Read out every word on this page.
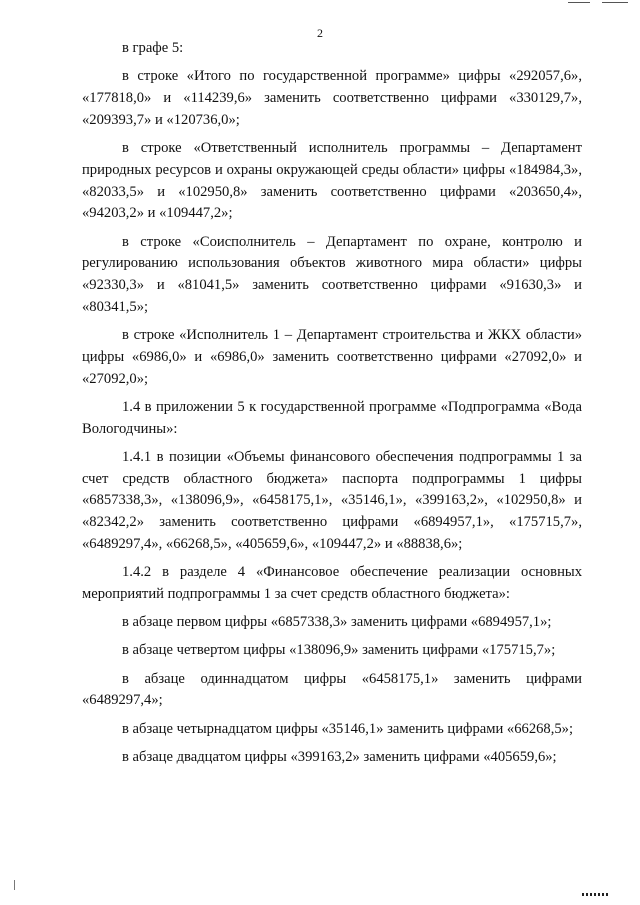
2

в графе 5:

в строке «Итого по государственной программе» цифры «292057,6», «177818,0» и «114239,6» заменить соответственно цифрами «330129,7», «209393,7» и «120736,0»;

в строке «Ответственный исполнитель программы – Департамент природных ресурсов и охраны окружающей среды области» цифры «184984,3», «82033,5» и «102950,8» заменить соответственно цифрами «203650,4», «94203,2» и «109447,2»;

в строке «Соисполнитель – Департамент по охране, контролю и регулированию использования объектов животного мира области» цифры «92330,3» и «81041,5» заменить соответственно цифрами «91630,3» и «80341,5»;

в строке «Исполнитель 1 – Департамент строительства и ЖКХ области» цифры «6986,0» и «6986,0» заменить соответственно цифрами «27092,0» и «27092,0»;

1.4 в приложении 5 к государственной программе «Подпрограмма «Вода Вологодчины»:

1.4.1 в позиции «Объемы финансового обеспечения подпрограммы 1 за счет средств областного бюджета» паспорта подпрограммы 1 цифры «6857338,3», «138096,9», «6458175,1», «35146,1», «399163,2», «102950,8» и «82342,2» заменить соответственно цифрами «6894957,1», «175715,7», «6489297,4», «66268,5», «405659,6», «109447,2» и «88838,6»;

1.4.2 в разделе 4 «Финансовое обеспечение реализации основных мероприятий подпрограммы 1 за счет средств областного бюджета»:

в абзаце первом цифры «6857338,3» заменить цифрами «6894957,1»;

в абзаце четвертом цифры «138096,9» заменить цифрами «175715,7»;

в абзаце одиннадцатом цифры «6458175,1» заменить цифрами «6489297,4»;

в абзаце четырнадцатом цифры «35146,1» заменить цифрами «66268,5»;

в абзаце двадцатом цифры «399163,2» заменить цифрами «405659,6»;
